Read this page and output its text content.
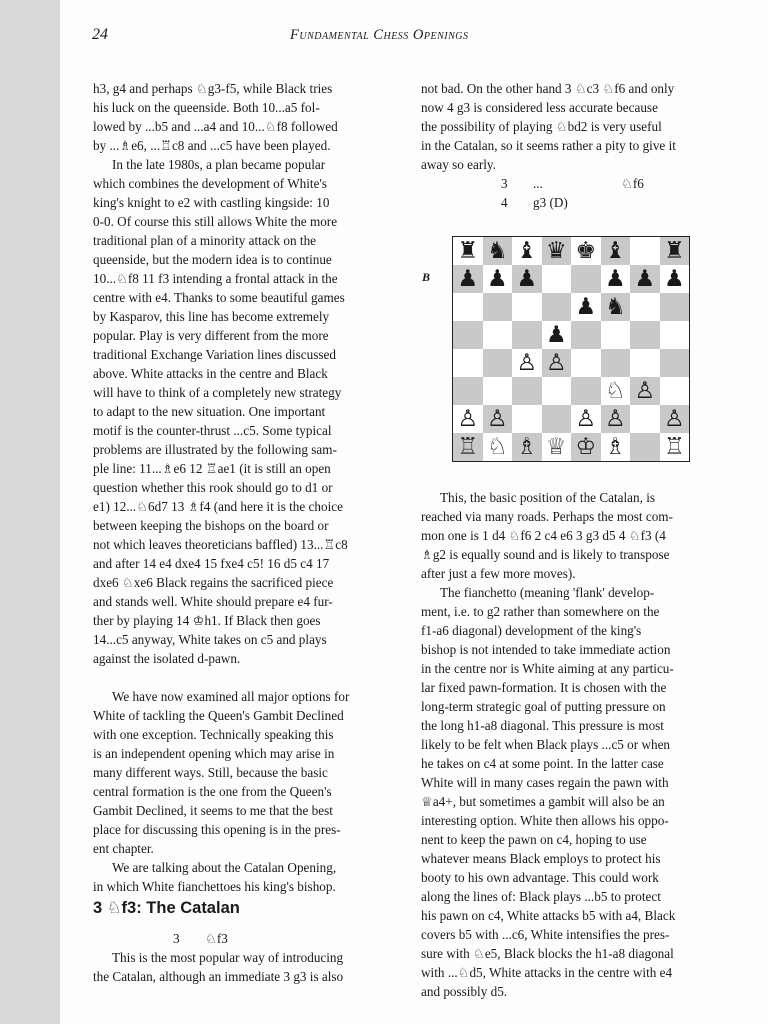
24	Fundamental Chess Openings
h3, g4 and perhaps ♘g3-f5, while Black tries
his luck on the queenside. Both 10...a5 fol-
lowed by ...b5 and ...a4 and 10...♘f8 followed
by ...♗e6, ...♖c8 and ...c5 have been played.
In the late 1980s, a plan became popular
which combines the development of White's
king's knight to e2 with castling kingside: 10
0-0. Of course this still allows White the more
traditional plan of a minority attack on the
queenside, but the modern idea is to continue
10...♘f8 11 f3 intending a frontal attack in the
centre with e4. Thanks to some beautiful games
by Kasparov, this line has become extremely
popular. Play is very different from the more
traditional Exchange Variation lines discussed
above. White attacks in the centre and Black
will have to think of a completely new strategy
to adapt to the new situation. One important
motif is the counter-thrust ...c5. Some typical
problems are illustrated by the following sam-
ple line: 11...♗e6 12 ♖ae1 (it is still an open
question whether this rook should go to d1 or
e1) 12...♘6d7 13 ♗f4 (and here it is the choice
between keeping the bishops on the board or
not which leaves theoreticians baffled) 13...♖c8
and after 14 e4 dxe4 15 fxe4 c5! 16 d5 c4 17
dxe6 ♘xe6 Black regains the sacrificed piece
and stands well. White should prepare e4 fur-
ther by playing 14 ♔h1. If Black then goes
14...c5 anyway, White takes on c5 and plays
against the isolated d-pawn.
We have now examined all major options for
White of tackling the Queen's Gambit Declined
with one exception. Technically speaking this
is an independent opening which may arise in
many different ways. Still, because the basic
central formation is the one from the Queen's
Gambit Declined, it seems to me that the best
place for discussing this opening is in the pres-
ent chapter.
We are talking about the Catalan Opening,
in which White fianchettoes his king's bishop.
3 ♘f3: The Catalan
3 ♘f3
This is the most popular way of introducing
the Catalan, although an immediate 3 g3 is also
not bad. On the other hand 3 ♘c3 ♘f6 and only
now 4 g3 is considered less accurate because
the possibility of playing ♘bd2 is very useful
in the Catalan, so it seems rather a pity to give it
away so early.
3 ...	♘f6
4 g3 (D)
B
♜ ♞ ♝ ♛ ♚ ♝ ♜
♟ ♟ ♟	♟ ♟ ♟
♟ ♞
♟
♙ ♙
♘ ♙
♙ ♙	♙ ♙ ♙
♖ ♘ ♗ ♕ ♔ ♗ ♖
This, the basic position of the Catalan, is
reached via many roads. Perhaps the most com-
mon one is 1 d4 ♘f6 2 c4 e6 3 g3 d5 4 ♘f3 (4
♗g2 is equally sound and is likely to transpose
after just a few more moves).
The fianchetto (meaning 'flank' develop-
ment, i.e. to g2 rather than somewhere on the
f1-a6 diagonal) development of the king's
bishop is not intended to take immediate action
in the centre nor is White aiming at any particu-
lar fixed pawn-formation. It is chosen with the
long-term strategic goal of putting pressure on
the long h1-a8 diagonal. This pressure is most
likely to be felt when Black plays ...c5 or when
he takes on c4 at some point. In the latter case
White will in many cases regain the pawn with
♕a4+, but sometimes a gambit will also be an
interesting option. White then allows his oppo-
nent to keep the pawn on c4, hoping to use
whatever means Black employs to protect his
booty to his own advantage. This could work
along the lines of: Black plays ...b5 to protect
his pawn on c4, White attacks b5 with a4, Black
covers b5 with ...c6, White intensifies the pres-
sure with ♘e5, Black blocks the h1-a8 diagonal
with ...♘d5, White attacks in the centre with e4
and possibly d5.
